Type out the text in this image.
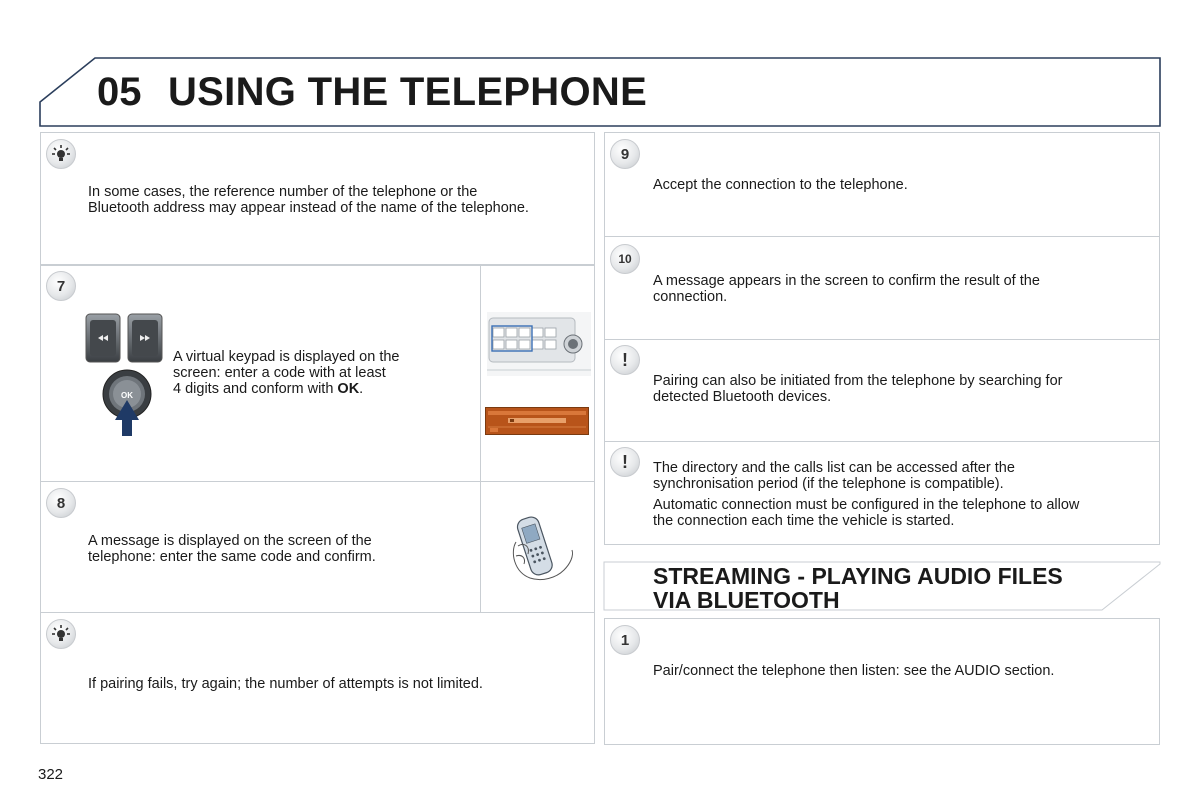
05 USING THE TELEPHONE
In some cases, the reference number of the telephone or the
Bluetooth address may appear instead of the name of the telephone.
7
OK
A virtual keypad is displayed on the
screen: enter a code with at least
4 digits and conform with OK.
8
A message is displayed on the screen of the
telephone: enter the same code and confirm.
If pairing fails, try again; the number of attempts is not limited.
9
Accept the connection to the telephone.
10
A message appears in the screen to confirm the result of the
connection.
!
Pairing can also be initiated from the telephone by searching for
detected Bluetooth devices.
!	The directory and the calls list can be accessed after the
synchronisation period (if the telephone is compatible).
Automatic connection must be configured in the telephone to allow
the connection each time the vehicle is started.
STREAMING - PLAYING AUDIO FILES
VIA BLUETOOTH
1
Pair/connect the telephone then listen: see the AUDIO section.
322
